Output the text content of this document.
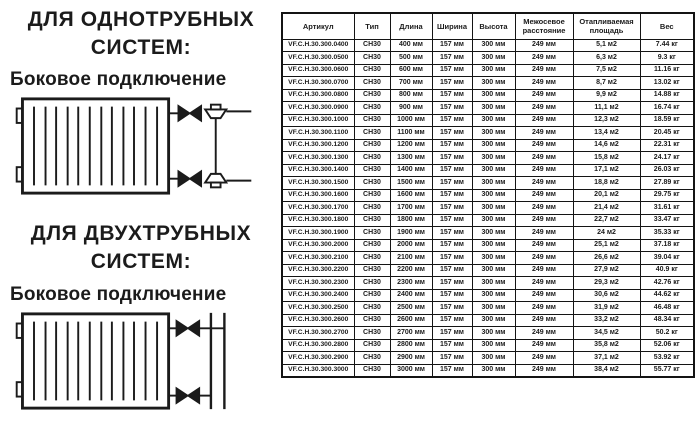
ДЛЯ ОДНОТРУБНЫХ
СИСТЕМ:
Боковое подключение
ДЛЯ ДВУХТРУБНЫХ
СИСТЕМ:
Боковое подключение
Артикул	Тип	Длина	Ширина	Высота	Межосевое расстояние	Отапливаемая площадь	Вес
VF.C.H.30.300.0400	СН30	400 мм	157 мм	300 мм	249 мм	5,1 м2	7.44 кг
VF.C.H.30.300.0500	СН30	500 мм	157 мм	300 мм	249 мм	6,3 м2	9.3 кг
VF.C.H.30.300.0600	СН30	600 мм	157 мм	300 мм	249 мм	7,5 м2	11.16 кг
VF.C.H.30.300.0700	СН30	700 мм	157 мм	300 мм	249 мм	8,7 м2	13.02 кг
VF.C.H.30.300.0800	СН30	800 мм	157 мм	300 мм	249 мм	9,9 м2	14.88 кг
VF.C.H.30.300.0900	СН30	900 мм	157 мм	300 мм	249 мм	11,1 м2	16.74 кг
VF.C.H.30.300.1000	СН30	1000 мм	157 мм	300 мм	249 мм	12,3 м2	18.59 кг
VF.C.H.30.300.1100	СН30	1100 мм	157 мм	300 мм	249 мм	13,4 м2	20.45 кг
VF.C.H.30.300.1200	СН30	1200 мм	157 мм	300 мм	249 мм	14,6 м2	22.31 кг
VF.C.H.30.300.1300	СН30	1300 мм	157 мм	300 мм	249 мм	15,8 м2	24.17 кг
VF.C.H.30.300.1400	СН30	1400 мм	157 мм	300 мм	249 мм	17,1 м2	26.03 кг
VF.C.H.30.300.1500	СН30	1500 мм	157 мм	300 мм	249 мм	18,8 м2	27.89 кг
VF.C.H.30.300.1600	СН30	1600 мм	157 мм	300 мм	249 мм	20,1 м2	29.75 кг
VF.C.H.30.300.1700	СН30	1700 мм	157 мм	300 мм	249 мм	21,4 м2	31.61 кг
VF.C.H.30.300.1800	СН30	1800 мм	157 мм	300 мм	249 мм	22,7 м2	33.47 кг
VF.C.H.30.300.1900	СН30	1900 мм	157 мм	300 мм	249 мм	24 м2	35.33 кг
VF.C.H.30.300.2000	СН30	2000 мм	157 мм	300 мм	249 мм	25,1 м2	37.18 кг
VF.C.H.30.300.2100	СН30	2100 мм	157 мм	300 мм	249 мм	26,6 м2	39.04 кг
VF.C.H.30.300.2200	СН30	2200 мм	157 мм	300 мм	249 мм	27,9 м2	40.9 кг
VF.C.H.30.300.2300	СН30	2300 мм	157 мм	300 мм	249 мм	29,3 м2	42.76 кг
VF.C.H.30.300.2400	СН30	2400 мм	157 мм	300 мм	249 мм	30,6 м2	44.62 кг
VF.C.H.30.300.2500	СН30	2500 мм	157 мм	300 мм	249 мм	31,9 м2	46.48 кг
VF.C.H.30.300.2600	СН30	2600 мм	157 мм	300 мм	249 мм	33,2 м2	48.34 кг
VF.C.H.30.300.2700	СН30	2700 мм	157 мм	300 мм	249 мм	34,5 м2	50.2 кг
VF.C.H.30.300.2800	СН30	2800 мм	157 мм	300 мм	249 мм	35,8 м2	52.06 кг
VF.C.H.30.300.2900	СН30	2900 мм	157 мм	300 мм	249 мм	37,1 м2	53.92 кг
VF.C.H.30.300.3000	СН30	3000 мм	157 мм	300 мм	249 мм	38,4 м2	55.77 кг
